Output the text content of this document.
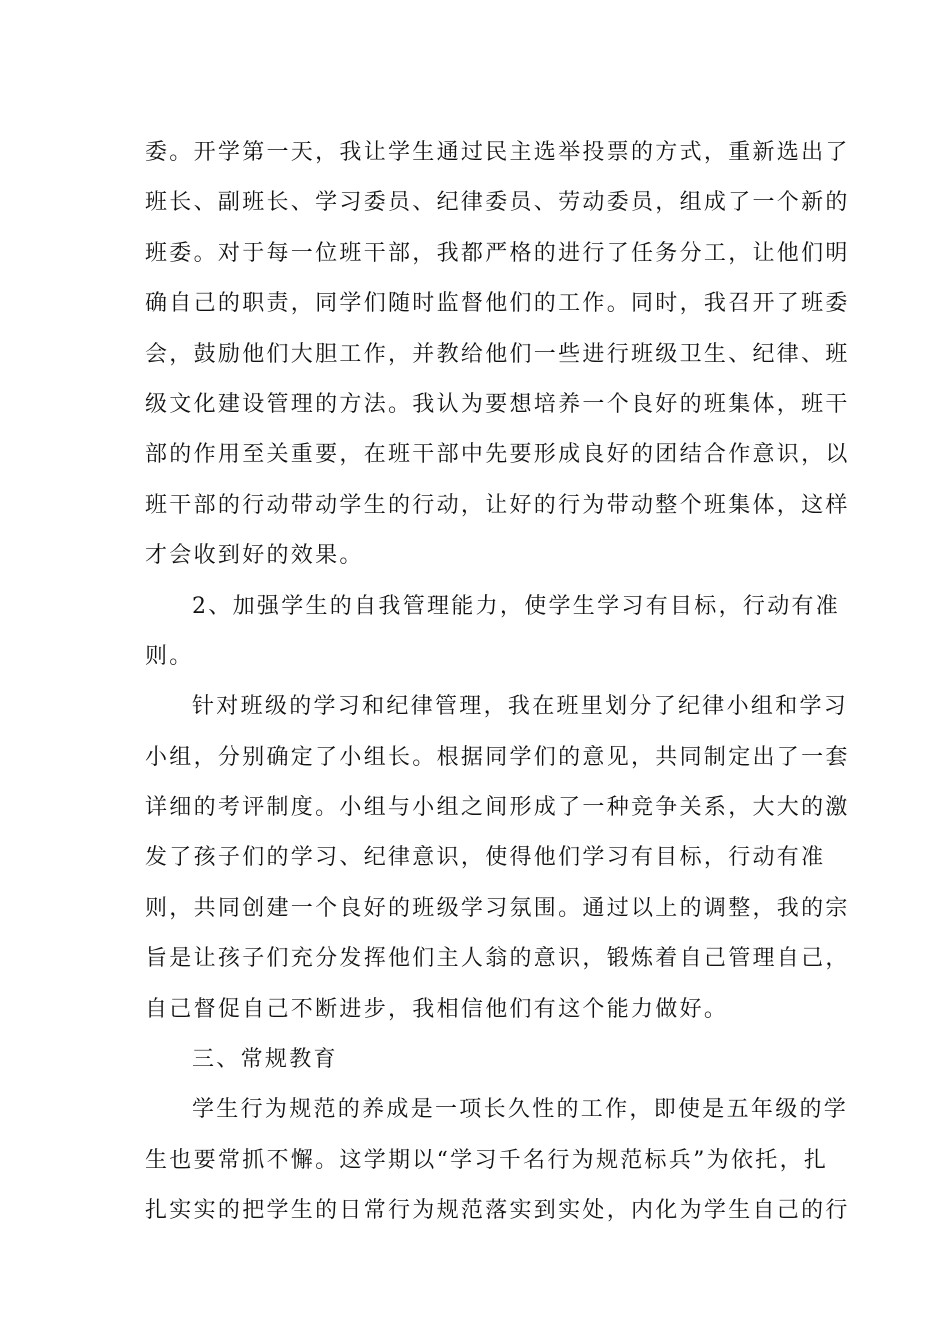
委。开学第一天，我让学生通过民主选举投票的方式，重新选出了
班长、副班长、学习委员、纪律委员、劳动委员，组成了一个新的
班委。对于每一位班干部，我都严格的进行了任务分工，让他们明
确自己的职责，同学们随时监督他们的工作。同时，我召开了班委
会，鼓励他们大胆工作，并教给他们一些进行班级卫生、纪律、班
级文化建设管理的方法。我认为要想培养一个良好的班集体，班干
部的作用至关重要，在班干部中先要形成良好的团结合作意识，以
班干部的行动带动学生的行动，让好的行为带动整个班集体，这样
才会收到好的效果。
2、加强学生的自我管理能力，使学生学习有目标，行动有准
则。
针对班级的学习和纪律管理，我在班里划分了纪律小组和学习
小组，分别确定了小组长。根据同学们的意见，共同制定出了一套
详细的考评制度。小组与小组之间形成了一种竞争关系，大大的激
发了孩子们的学习、纪律意识，使得他们学习有目标，行动有准
则，共同创建一个良好的班级学习氛围。通过以上的调整，我的宗
旨是让孩子们充分发挥他们主人翁的意识，锻炼着自己管理自己，
自己督促自己不断进步，我相信他们有这个能力做好。
三、常规教育
学生行为规范的养成是一项长久性的工作，即使是五年级的学
生也要常抓不懈。这学期以“学习千名行为规范标兵”为依托，扎
扎实实的把学生的日常行为规范落实到实处，内化为学生自己的行
